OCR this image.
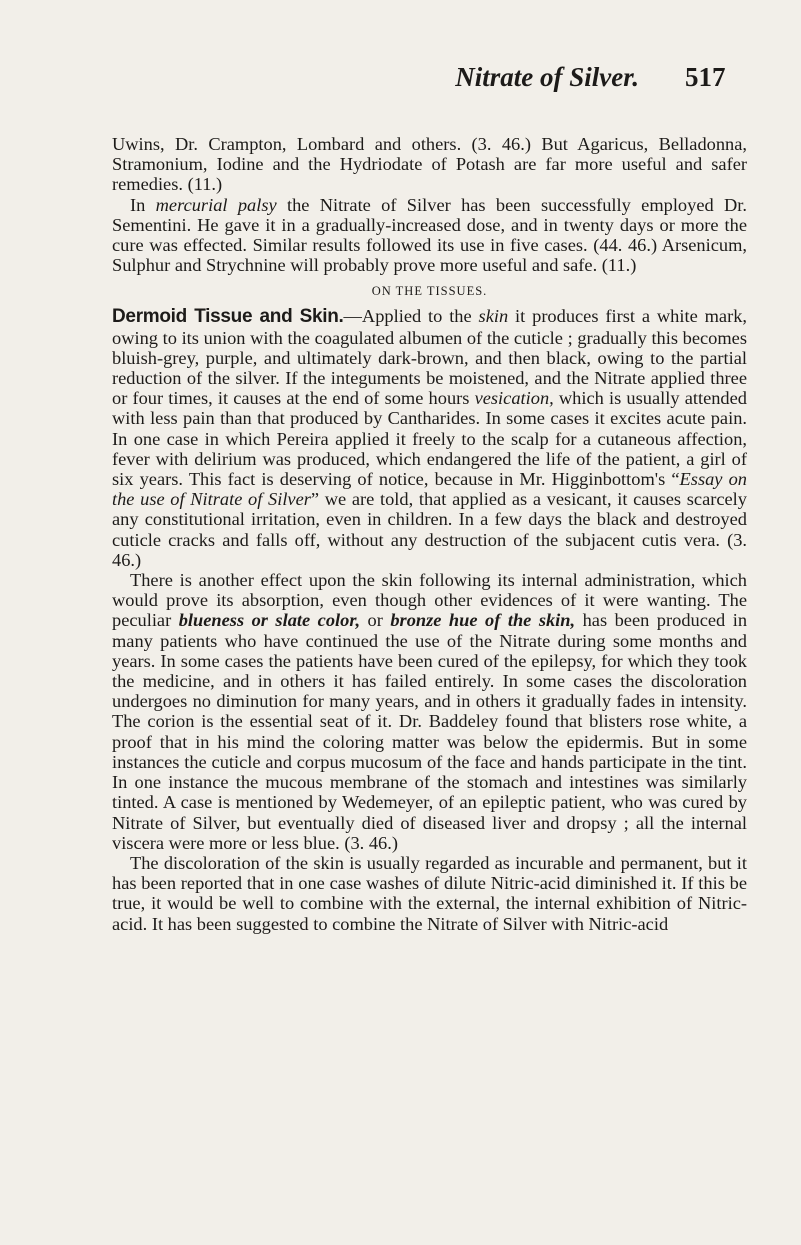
Nitrate of Silver. 517

Uwins, Dr. Crampton, Lombard and others. (3. 46.) But Agaricus, Belladonna, Stramonium, Iodine and the Hydriodate of Potash are far more useful and safer remedies. (11.)

In mercurial palsy the Nitrate of Silver has been successfully employed Dr. Sementini. He gave it in a gradually-increased dose, and in twenty days or more the cure was effected. Similar results followed its use in five cases. (44. 46.) Arsenicum, Sulphur and Strychnine will probably prove more useful and safe. (11.)

ON THE TISSUES.

Dermoid Tissue and Skin.—Applied to the skin it produces first a white mark, owing to its union with the coagulated albumen of the cuticle ; gradually this becomes bluish-grey, purple, and ultimately dark-brown, and then black, owing to the partial reduction of the silver. If the integuments be moistened, and the Nitrate applied three or four times, it causes at the end of some hours vesication, which is usually attended with less pain than that produced by Cantharides. In some cases it excites acute pain. In one case in which Pereira applied it freely to the scalp for a cutaneous affection, fever with delirium was produced, which endangered the life of the patient, a girl of six years. This fact is deserving of notice, because in Mr. Higginbottom's “Essay on the use of Nitrate of Silver” we are told, that applied as a vesicant, it causes scarcely any constitutional irritation, even in children. In a few days the black and destroyed cuticle cracks and falls off, without any destruction of the subjacent cutis vera. (3. 46.)

There is another effect upon the skin following its internal administration, which would prove its absorption, even though other evidences of it were wanting. The peculiar blueness or slate color, or bronze hue of the skin, has been produced in many patients who have continued the use of the Nitrate during some months and years. In some cases the patients have been cured of the epilepsy, for which they took the medicine, and in others it has failed entirely. In some cases the discoloration undergoes no diminution for many years, and in others it gradually fades in intensity. The corion is the essential seat of it. Dr. Baddeley found that blisters rose white, a proof that in his mind the coloring matter was below the epidermis. But in some instances the cuticle and corpus mucosum of the face and hands participate in the tint. In one instance the mucous membrane of the stomach and intestines was similarly tinted. A case is mentioned by Wedemeyer, of an epileptic patient, who was cured by Nitrate of Silver, but eventually died of diseased liver and dropsy ; all the internal viscera were more or less blue. (3. 46.)

The discoloration of the skin is usually regarded as incurable and permanent, but it has been reported that in one case washes of dilute Nitric-acid diminished it. If this be true, it would be well to combine with the external, the internal exhibition of Nitric-acid. It has been suggested to combine the Nitrate of Silver with Nitric-acid
